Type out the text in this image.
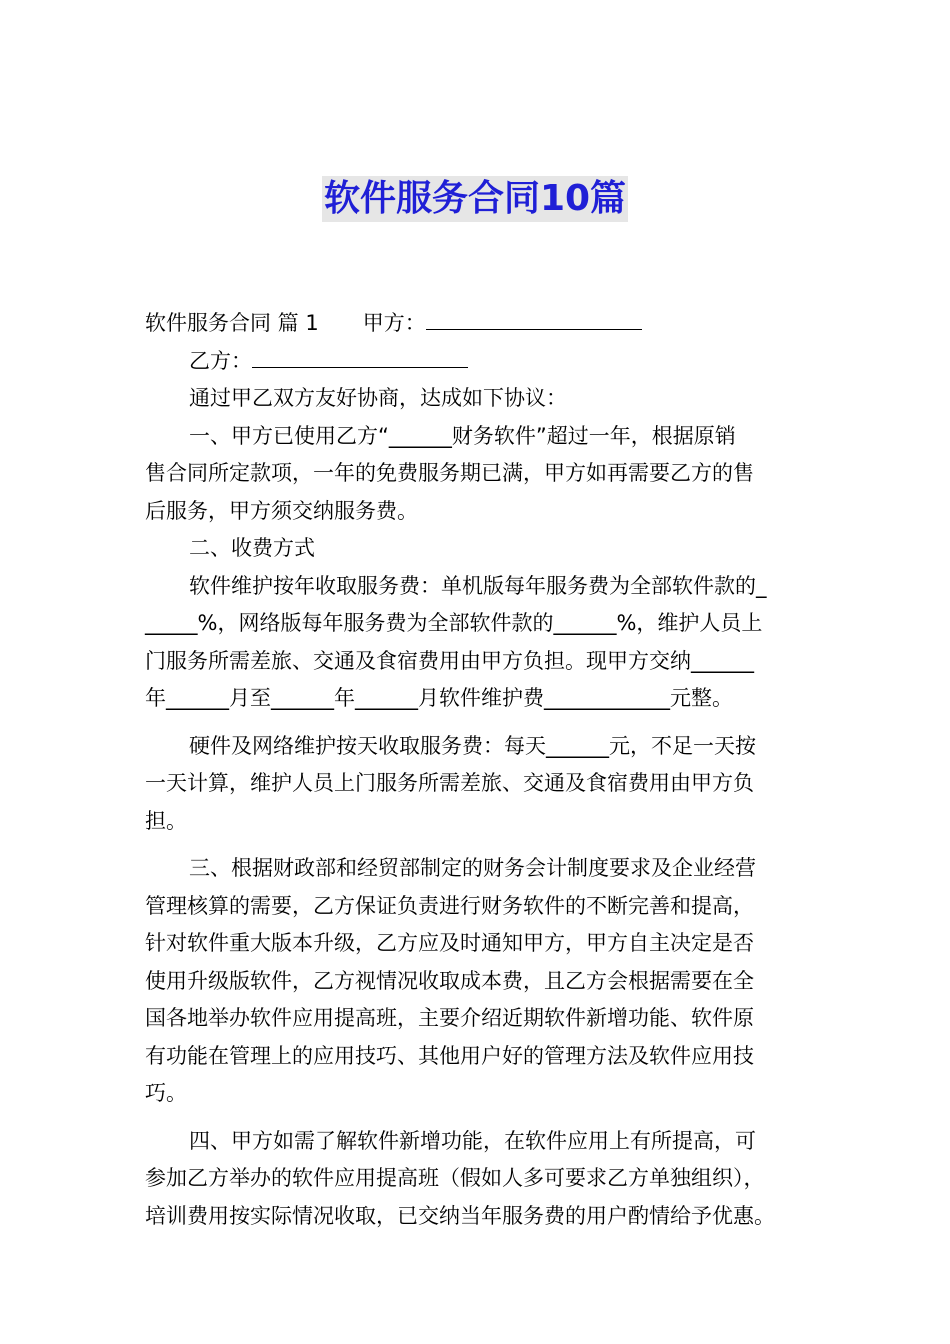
软件服务合同10篇
软件服务合同 篇 1 甲方：
乙方：
通过甲乙双方友好协商，达成如下协议：
一、甲方已使用乙方“______财务软件”超过一年，根据原销
售合同所定款项，一年的免费服务期已满，甲方如再需要乙方的售
后服务，甲方须交纳服务费。
二、收费方式
软件维护按年收取服务费：单机版每年服务费为全部软件款的_
_____%，网络版每年服务费为全部软件款的______%，维护人员上
门服务所需差旅、交通及食宿费用由甲方负担。现甲方交纳______
年______月至______年______月软件维护费____________元整。
硬件及网络维护按天收取服务费：每天______元，不足一天按
一天计算，维护人员上门服务所需差旅、交通及食宿费用由甲方负
担。
三、根据财政部和经贸部制定的财务会计制度要求及企业经营
管理核算的需要，乙方保证负责进行财务软件的不断完善和提高，
针对软件重大版本升级，乙方应及时通知甲方，甲方自主决定是否
使用升级版软件，乙方视情况收取成本费，且乙方会根据需要在全
国各地举办软件应用提高班，主要介绍近期软件新增功能、软件原
有功能在管理上的应用技巧、其他用户好的管理方法及软件应用技
巧。
四、甲方如需了解软件新增功能，在软件应用上有所提高，可
参加乙方举办的软件应用提高班（假如人多可要求乙方单独组织），
培训费用按实际情况收取，已交纳当年服务费的用户酌情给予优惠。
